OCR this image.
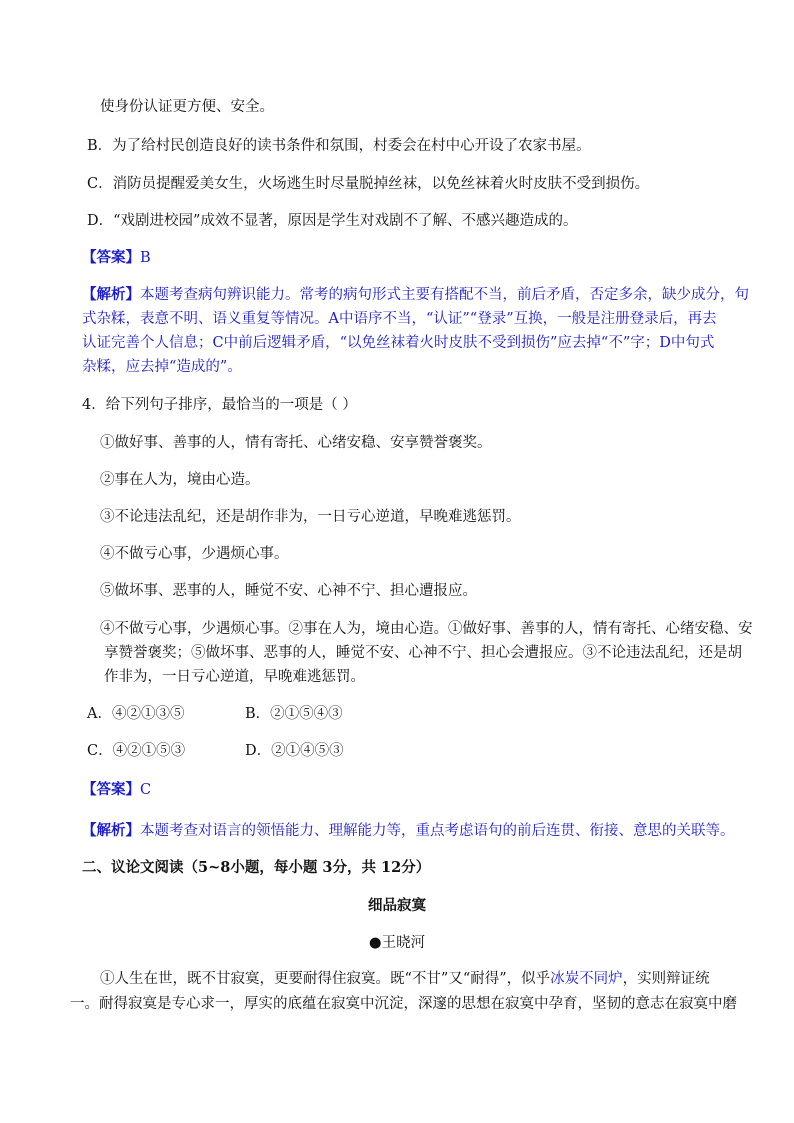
使身份认证更方便、安全。
B．为了给村民创造良好的读书条件和氛围，村委会在村中心开设了农家书屋。
C．消防员提醒爱美女生，火场逃生时尽量脱掉丝袜，以免丝袜着火时皮肤不受到损伤。
D．“戏剧进校园”成效不显著，原因是学生对戏剧不了解、不感兴趣造成的。
【答案】B
【解析】本题考查病句辨识能力。常考的病句形式主要有搭配不当，前后矛盾，否定多余，缺少成分，句
式杂糅，表意不明、语义重复等情况。A中语序不当，“认证”“登录”互换，一般是注册登录后，再去
认证完善个人信息；C中前后逻辑矛盾，“以免丝袜着火时皮肤不受到损伤”应去掉“不”字；D中句式
杂糅，应去掉“造成的”。
4．给下列句子排序，最恰当的一项是（ ）
①做好事、善事的人，情有寄托、心绪安稳、安享赞誉褒奖。
②事在人为，境由心造。
③不论违法乱纪，还是胡作非为，一日亏心逆道，早晚难逃惩罚。
④不做亏心事，少遇烦心事。
⑤做坏事、恶事的人，睡觉不安、心神不宁、担心遭报应。
④不做亏心事，少遇烦心事。②事在人为，境由心造。①做好事、善事的人，情有寄托、心绪安稳、安
享赞誉褒奖；⑤做坏事、恶事的人，睡觉不安、心神不宁、担心会遭报应。③不论违法乱纪，还是胡
作非为，一日亏心逆道，早晚难逃惩罚。
A．④②①③⑤	B．②①⑤④③
C．④②①⑤③	D．②①④⑤③
【答案】C
【解析】本题考查对语言的领悟能力、理解能力等，重点考虑语句的前后连贯、衔接、意思的关联等。
二、议论文阅读（5~8小题，每小题 3分，共 12分）
细品寂寞
●王晓河
①人生在世，既不甘寂寞，更要耐得住寂寞。既“不甘”又“耐得”，似乎冰炭不同炉，实则辩证统
一。耐得寂寞是专心求一，厚实的底蕴在寂寞中沉淀，深邃的思想在寂寞中孕育，坚韧的意志在寂寞中磨
